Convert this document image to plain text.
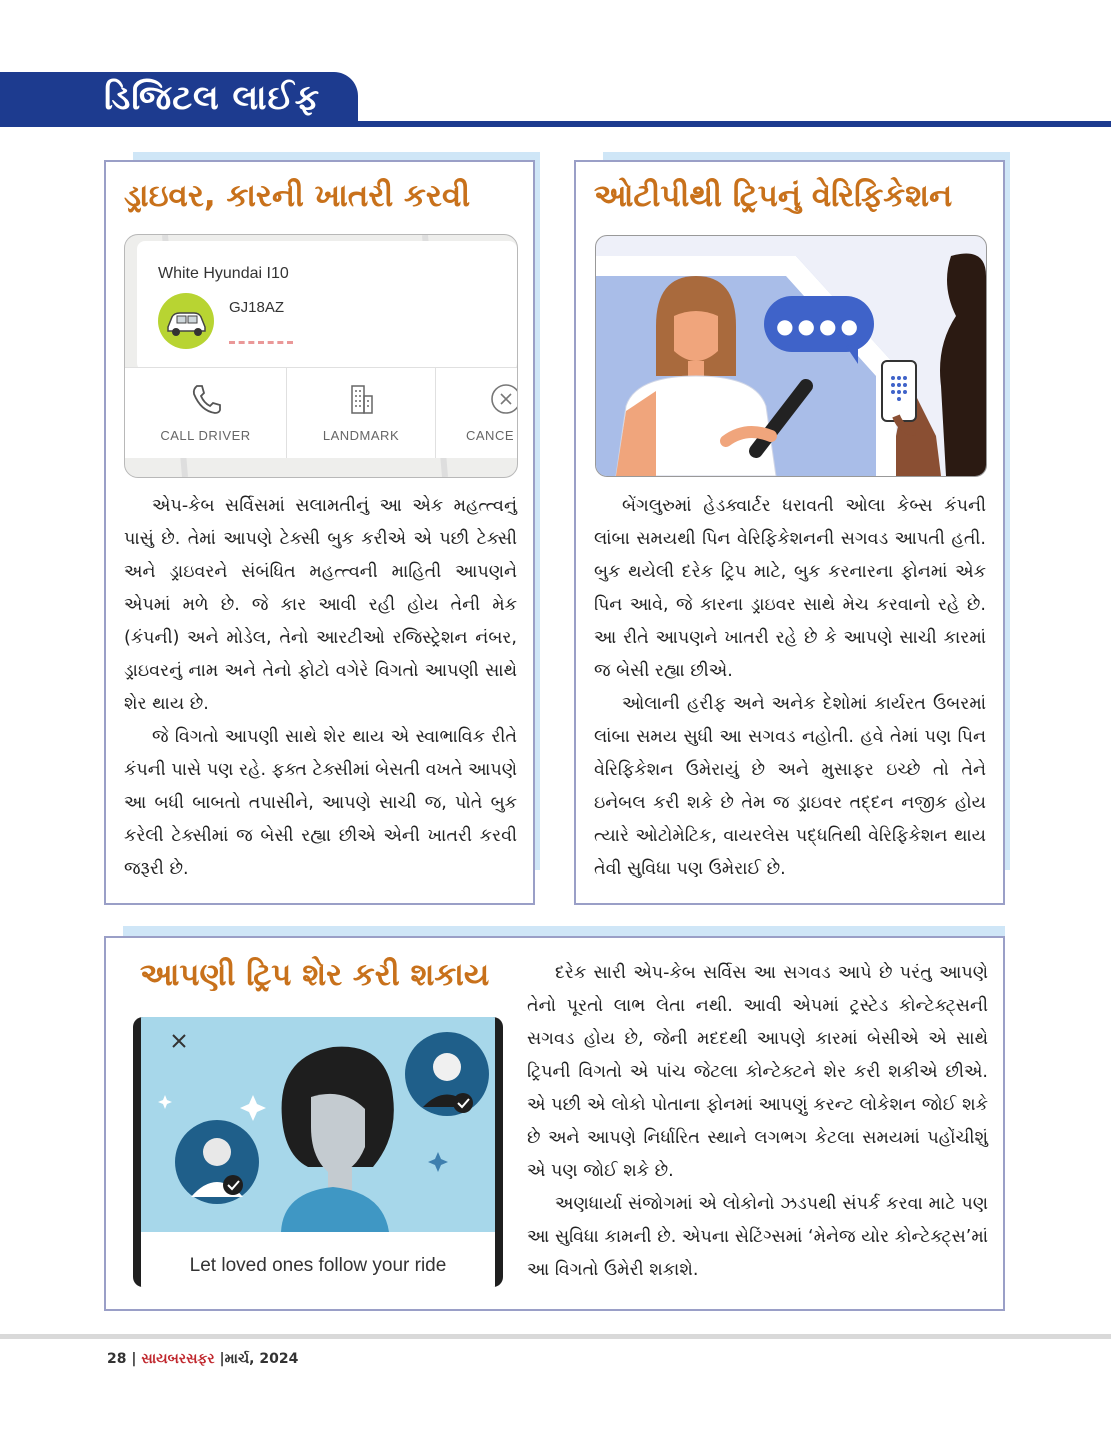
ડિજિટલ લાઈફ
ડ્રાઇવર, કારની ખાતરી કરવી
White Hyundai I10
GJ18AZ
CALL DRIVER	LANDMARK	CANCE

એપ-કેબ સર્વિસમાં સલામતીનું આ એક મહત્ત્વનું પાસું છે. તેમાં આપણે ટેક્સી બુક કરીએ એ પછી ટેક્સી અને ડ્રાઇવરને સંબંધિત મહત્ત્વની માહિતી આપણને એપમાં મળે છે. જે કાર આવી રહી હોય તેની મેક (કંપની) અને મોડેલ, તેનો આરટીઓ રજિસ્ટ્રેશન નંબર, ડ્રાઇવરનું નામ અને તેનો ફોટો વગેરે વિગતો આપણી સાથે શેર થાય છે.

જે વિગતો આપણી સાથે શેર થાય એ સ્વાભાવિક રીતે કંપની પાસે પણ રહે. ફક્ત ટેક્સીમાં બેસતી વખતે આપણે આ બધી બાબતો તપાસીને, આપણે સાચી જ, પોતે બુક કરેલી ટેક્સીમાં જ બેસી રહ્યા છીએ એની ખાતરી કરવી જરૂરી છે.

ઓટીપીથી ટ્રિપનું વેરિફિકેશન
●●●●

બેંગલુરુમાં હેડક્વાર્ટર ધરાવતી ઓલા કેબ્સ કંપની લાંબા સમયથી પિન વેરિફિકેશનની સગવડ આપતી હતી. બુક થયેલી દરેક ટ્રિપ માટે, બુક કરનારના ફોનમાં એક પિન આવે, જે કારના ડ્રાઇવર સાથે મેચ કરવાનો રહે છે. આ રીતે આપણને ખાતરી રહે છે કે આપણે સાચી કારમાં જ બેસી રહ્યા છીએ.

ઓલાની હરીફ અને અનેક દેશોમાં કાર્યરત ઉબરમાં લાંબા સમય સુધી આ સગવડ નહોતી. હવે તેમાં પણ પિન વેરિફિકેશન ઉમેરાયું છે અને મુસાફર ઇચ્છે તો તેને ઇનેબલ કરી શકે છે તેમ જ ડ્રાઇવર તદ્દન નજીક હોય ત્યારે ઓટોમેટિક, વાયરલેસ પદ્ધતિથી વેરિફિકેશન થાય તેવી સુવિધા પણ ઉમેરાઈ છે.

આપણી ટ્રિપ શેર કરી શકાય
Let loved ones follow your ride

દરેક સારી એપ-કેબ સર્વિસ આ સગવડ આપે છે પરંતુ આપણે તેનો પૂરતો લાભ લેતા નથી. આવી એપમાં ટ્રસ્ટેડ કોન્ટેક્ટ્સની સગવડ હોય છે, જેની મદદથી આપણે કારમાં બેસીએ એ સાથે ટ્રિપની વિગતો એ પાંચ જેટલા કોન્ટેક્ટને શેર કરી શકીએ છીએ. એ પછી એ લોકો પોતાના ફોનમાં આપણું કરન્ટ લોકેશન જોઈ શકે છે અને આપણે નિર્ધારિત સ્થાને લગભગ કેટલા સમયમાં પહોંચીશું એ પણ જોઈ શકે છે.

અણધાર્યા સંજોગમાં એ લોકોનો ઝડપથી સંપર્ક કરવા માટે પણ આ સુવિધા કામની છે. એપના સેટિંગ્સમાં ‘મેનેજ યોર કોન્ટેક્ટ્સ’માં આ વિગતો ઉમેરી શકાશે.

28 | સાયબરસફર |માર્ચ, 2024
